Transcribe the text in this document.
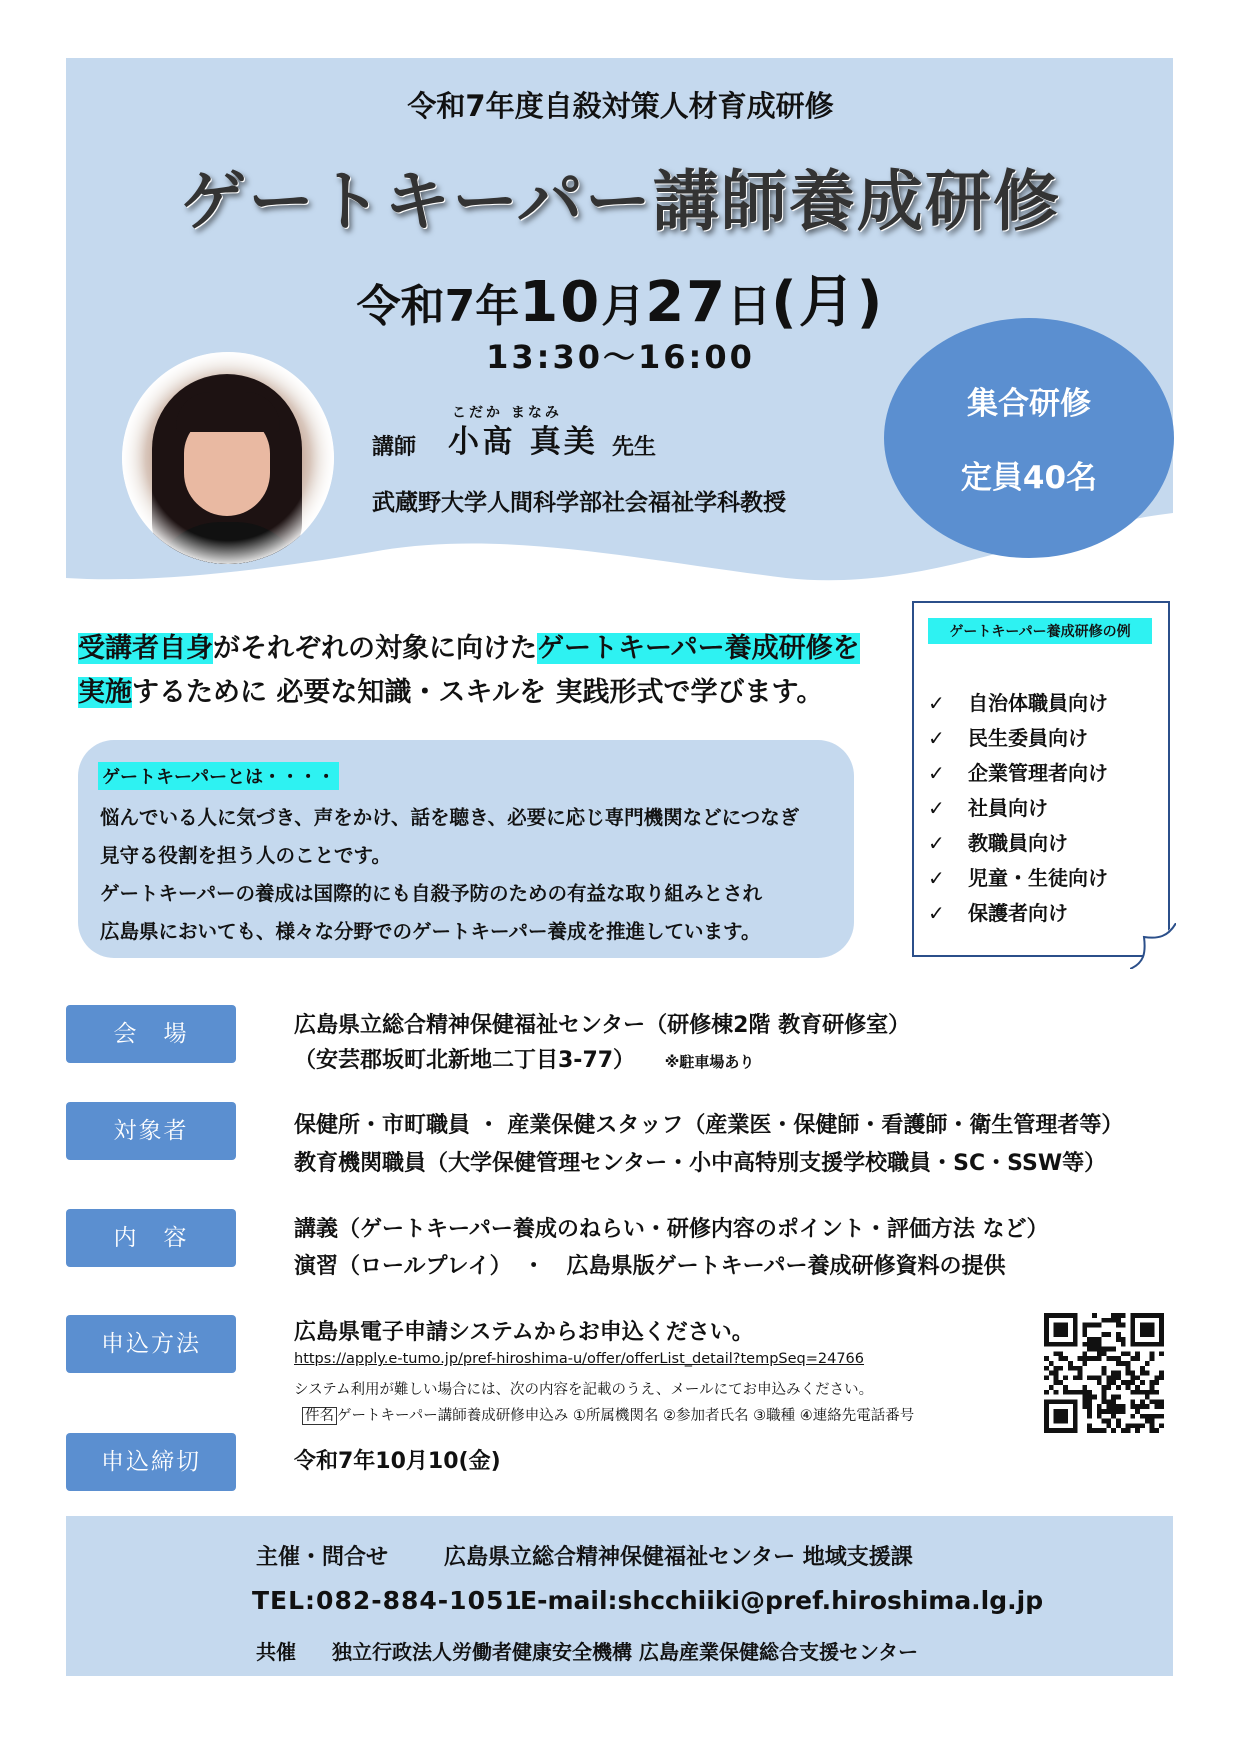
令和7年度自殺対策人材育成研修
ゲートキーパー講師養成研修
令和7年10月27日(月)
13:30～16:00
講師
こだか まなみ
小髙 真美 先生
武蔵野大学人間科学部社会福祉学科教授
集合研修
定員40名
受講者自身がそれぞれの対象に向けたゲートキーパー養成研修を
実施するために 必要な知識・スキルを 実践形式で学びます。
ゲートキーパー養成研修の例
✓ 自治体職員向け
✓ 民生委員向け
✓ 企業管理者向け
✓ 社員向け
✓ 教職員向け
✓ 児童・生徒向け
✓ 保護者向け
ゲートキーパーとは・・・・
悩んでいる人に気づき、声をかけ、話を聴き、必要に応じ専門機関などにつなぎ
見守る役割を担う人のことです。
ゲートキーパーの養成は国際的にも自殺予防のための有益な取り組みとされ
広島県においても、様々な分野でのゲートキーパー養成を推進しています。
会　場	広島県立総合精神保健福祉センター（研修棟2階 教育研修室）
（安芸郡坂町北新地二丁目3-77） ※駐車場あり
対象者	保健所・市町職員 ・ 産業保健スタッフ（産業医・保健師・看護師・衛生管理者等）
教育機関職員（大学保健管理センター・小中高特別支援学校職員・SC・SSW等）
内　容	講義（ゲートキーパー養成のねらい・研修内容のポイント・評価方法 など）
演習（ロールプレイ）　・　広島県版ゲートキーパー養成研修資料の提供
申込方法	広島県電子申請システムからお申込ください。
https://apply.e-tumo.jp/pref-hiroshima-u/offer/offerList_detail?tempSeq=24766
システム利用が難しい場合には、次の内容を記載のうえ、メールにてお申込みください。
件名 ゲートキーパー講師養成研修申込み ①所属機関名 ②参加者氏名 ③職種 ④連絡先電話番号
申込締切	令和7年10月10(金)
主催・問合せ	広島県立総合精神保健福祉センター 地域支援課
TEL:082-884-1051
E-mail:shcchiiki@pref.hiroshima.lg.jp
共催 独立行政法人労働者健康安全機構 広島産業保健総合支援センター
